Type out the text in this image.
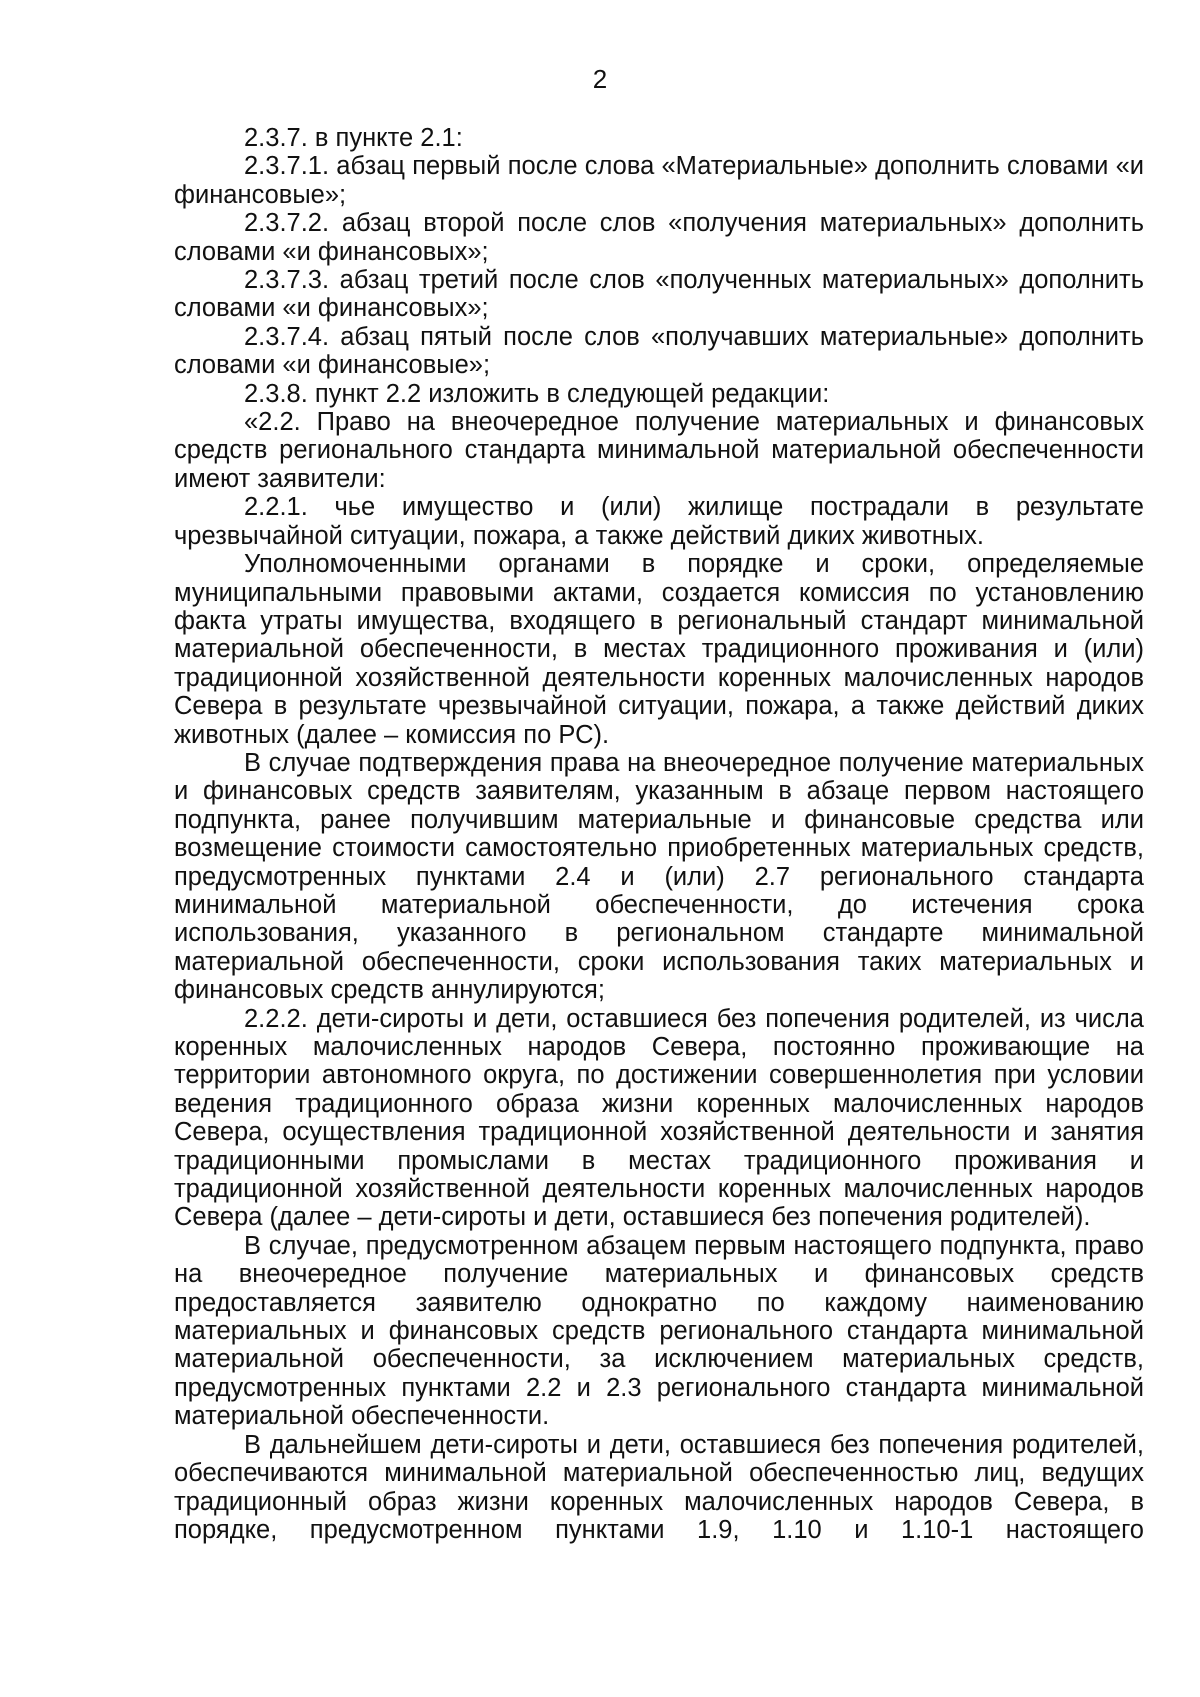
2

2.3.7. в пункте 2.1:

2.3.7.1. абзац первый после слова «Материальные» дополнить словами «и финансовые»;

2.3.7.2. абзац второй после слов «получения материальных» дополнить словами «и финансовых»;

2.3.7.3. абзац третий после слов «полученных материальных» дополнить словами «и финансовых»;

2.3.7.4. абзац пятый после слов «получавших материальные» дополнить словами «и финансовые»;

2.3.8. пункт 2.2 изложить в следующей редакции:

«2.2. Право на внеочередное получение материальных и финансовых средств регионального стандарта минимальной материальной обеспеченности имеют заявители:

2.2.1. чье имущество и (или) жилище пострадали в результате чрезвычайной ситуации, пожара, а также действий диких животных.

Уполномоченными органами в порядке и сроки, определяемые муниципальными правовыми актами, создается комиссия по установлению факта утраты имущества, входящего в региональный стандарт минимальной материальной обеспеченности, в местах традиционного проживания и (или) традиционной хозяйственной деятельности коренных малочисленных народов Севера в результате чрезвычайной ситуации, пожара, а также действий диких животных (далее – комиссия по РС).

В случае подтверждения права на внеочередное получение материальных и финансовых средств заявителям, указанным в абзаце первом настоящего подпункта, ранее получившим материальные и финансовые средства или возмещение стоимости самостоятельно приобретенных материальных средств, предусмотренных пунктами 2.4 и (или) 2.7 регионального стандарта минимальной материальной обеспеченности, до истечения срока использования, указанного в региональном стандарте минимальной материальной обеспеченности, сроки использования таких материальных и финансовых средств аннулируются;

2.2.2. дети-сироты и дети, оставшиеся без попечения родителей, из числа коренных малочисленных народов Севера, постоянно проживающие на территории автономного округа, по достижении совершеннолетия при условии ведения традиционного образа жизни коренных малочисленных народов Севера, осуществления традиционной хозяйственной деятельности и занятия традиционными промыслами в местах традиционного проживания и традиционной хозяйственной деятельности коренных малочисленных народов Севера (далее – дети-сироты и дети, оставшиеся без попечения родителей).

В случае, предусмотренном абзацем первым настоящего подпункта, право на внеочередное получение материальных и финансовых средств предоставляется заявителю однократно по каждому наименованию материальных и финансовых средств регионального стандарта минимальной материальной обеспеченности, за исключением материальных средств, предусмотренных пунктами 2.2 и 2.3 регионального стандарта минимальной материальной обеспеченности.

В дальнейшем дети-сироты и дети, оставшиеся без попечения родителей, обеспечиваются минимальной материальной обеспеченностью лиц, ведущих традиционный образ жизни коренных малочисленных народов Севера, в порядке, предусмотренном пунктами 1.9, 1.10 и 1.10-1 настоящего
